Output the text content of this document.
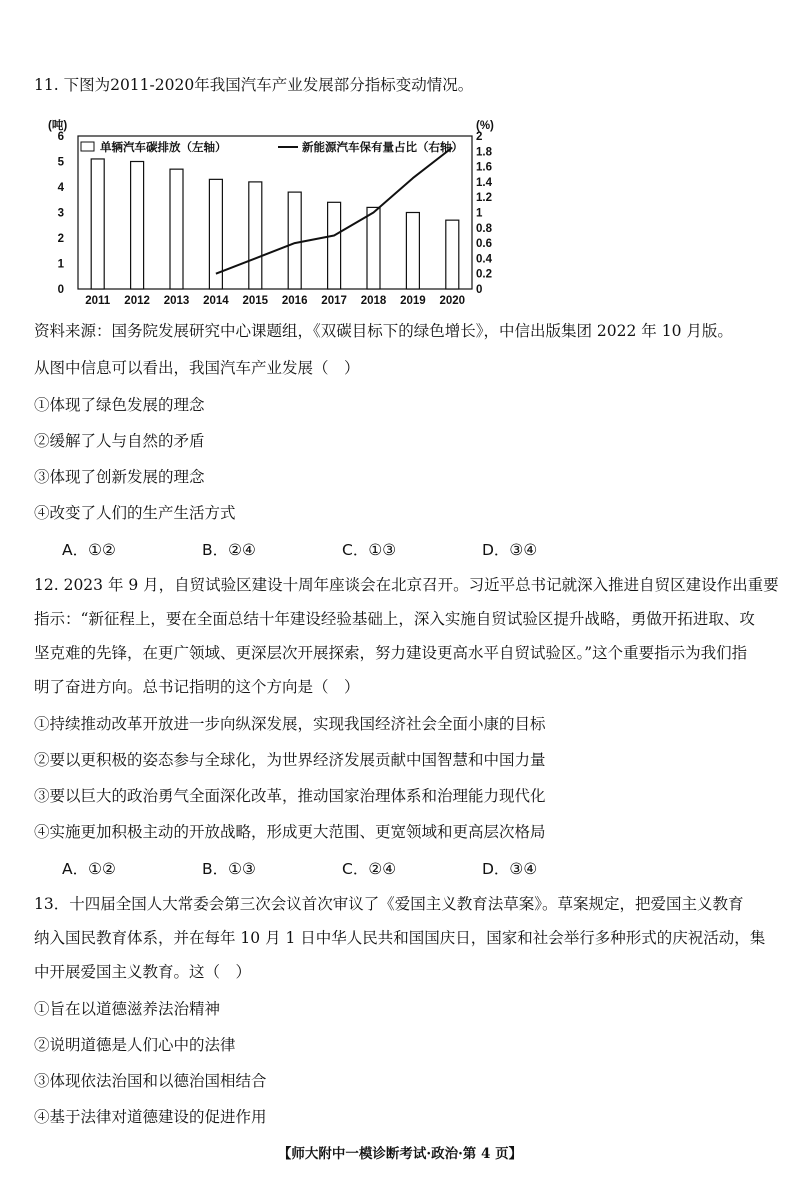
11. 下图为2011-2020年我国汽车产业发展部分指标变动情况。
(吨)	(%)
0
1
2
3
4
5
6
0
0.2
0.4
0.6
0.8
1
1.2
1.4
1.6
1.8
2
2011 2012 2013 2014 2015 2016 2017 2018 2019 2020
单辆汽车碳排放（左轴）	新能源汽车保有量占比（右轴）
资料来源：国务院发展研究中心课题组，《双碳目标下的绿色增长》，中信出版集团 2022 年 10 月版。
从图中信息可以看出，我国汽车产业发展（　）
①体现了绿色发展的理念
②缓解了人与自然的矛盾
③体现了创新发展的理念
④改变了人们的生产生活方式
A．①②	B．②④	C．①③	D．③④
12. 2023 年 9 月，自贸试验区建设十周年座谈会在北京召开。习近平总书记就深入推进自贸区建设作出重要
指示：“新征程上，要在全面总结十年建设经验基础上，深入实施自贸试验区提升战略，勇做开拓进取、攻
坚克难的先锋，在更广领域、更深层次开展探索，努力建设更高水平自贸试验区。”这个重要指示为我们指
明了奋进方向。总书记指明的这个方向是（　）
①持续推动改革开放进一步向纵深发展，实现我国经济社会全面小康的目标
②要以更积极的姿态参与全球化，为世界经济发展贡献中国智慧和中国力量
③要以巨大的政治勇气全面深化改革，推动国家治理体系和治理能力现代化
④实施更加积极主动的开放战略，形成更大范围、更宽领域和更高层次格局
A．①②	B．①③	C．②④	D．③④
13．十四届全国人大常委会第三次会议首次审议了《爱国主义教育法草案》。草案规定，把爱国主义教育
纳入国民教育体系，并在每年 10 月 1 日中华人民共和国国庆日，国家和社会举行多种形式的庆祝活动，集
中开展爱国主义教育。这（　）
①旨在以道德滋养法治精神
②说明道德是人们心中的法律
③体现依法治国和以德治国相结合
④基于法律对道德建设的促进作用
【师大附中一模诊断考试·政治·第 4 页】
